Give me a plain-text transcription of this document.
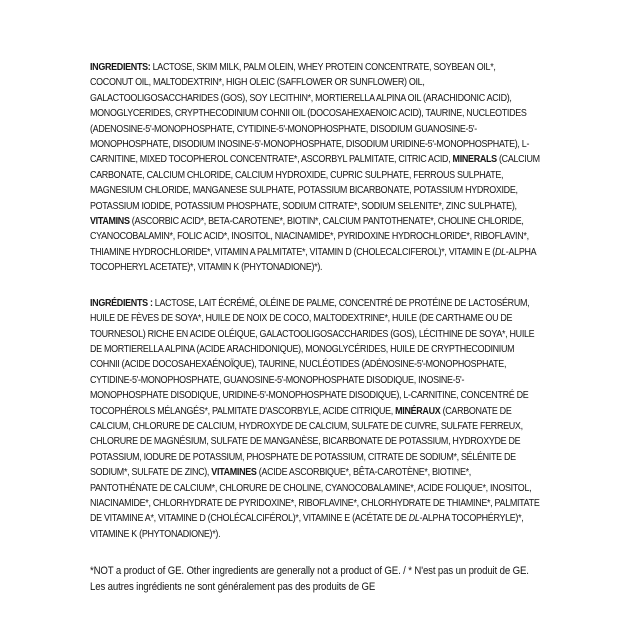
INGREDIENTS: LACTOSE, SKIM MILK, PALM OLEIN, WHEY PROTEIN CONCENTRATE, SOYBEAN OIL*, COCONUT OIL, MALTODEXTRIN*, HIGH OLEIC (SAFFLOWER OR SUNFLOWER) OIL, GALACTOOLIGOSACCHARIDES (GOS), SOY LECITHIN*, MORTIERELLA ALPINA OIL (ARACHIDONIC ACID), MONOGLYCERIDES, CRYPTHECODINIUM COHNII OIL (DOCOSAHEXAENOIC ACID), TAURINE, NUCLEOTIDES (ADENOSINE-5'-MONOPHOSPHATE, CYTIDINE-5'-MONOPHOSPHATE, DISODIUM GUANOSINE-5'-MONOPHOSPHATE, DISODIUM INOSINE-5'-MONOPHOSPHATE, DISODIUM URIDINE-5'-MONOPHOSPHATE), L-CARNITINE, MIXED TOCOPHEROL CONCENTRATE*, ASCORBYL PALMITATE, CITRIC ACID, MINERALS (CALCIUM CARBONATE, CALCIUM CHLORIDE, CALCIUM HYDROXIDE, CUPRIC SULPHATE, FERROUS SULPHATE, MAGNESIUM CHLORIDE, MANGANESE SULPHATE, POTASSIUM BICARBONATE, POTASSIUM HYDROXIDE, POTASSIUM IODIDE, POTASSIUM PHOSPHATE, SODIUM CITRATE*, SODIUM SELENITE*, ZINC SULPHATE), VITAMINS (ASCORBIC ACID*, BETA-CAROTENE*, BIOTIN*, CALCIUM PANTOTHENATE*, CHOLINE CHLORIDE, CYANOCOBALAMIN*, FOLIC ACID*, INOSITOL, NIACINAMIDE*, PYRIDOXINE HYDROCHLORIDE*, RIBOFLAVIN*, THIAMINE HYDROCHLORIDE*, VITAMIN A PALMITATE*, VITAMIN D (CHOLECALCIFEROL)*, VITAMIN E (DL-ALPHA TOCOPHERYL ACETATE)*, VITAMIN K (PHYTONADIONE)*).

INGRÉDIENTS : LACTOSE, LAIT ÉCRÉMÉ, OLÉINE DE PALME, CONCENTRÉ DE PROTÉINE DE LACTOSÉRUM, HUILE DE FÈVES DE SOYA*, HUILE DE NOIX DE COCO, MALTODEXTRINE*, HUILE (DE CARTHAME OU DE TOURNESOL) RICHE EN ACIDE OLÉIQUE, GALACTOOLIGOSACCHARIDES (GOS), LÉCITHINE DE SOYA*, HUILE DE MORTIERELLA ALPINA (ACIDE ARACHIDONIQUE), MONOGLYCÉRIDES, HUILE DE CRYPTHECODINIUM COHNII (ACIDE DOCOSAHEXAÉNOÏQUE), TAURINE, NUCLÉOTIDES (ADÉNOSINE-5'-MONOPHOSPHATE, CYTIDINE-5'-MONOPHOSPHATE, GUANOSINE-5'-MONOPHOSPHATE DISODIQUE, INOSINE-5'-MONOPHOSPHATE DISODIQUE, URIDINE-5'-MONOPHOSPHATE DISODIQUE), L-CARNITINE, CONCENTRÉ DE TOCOPHÉROLS MÉLANGÉS*, PALMITATE D'ASCORBYLE, ACIDE CITRIQUE, MINÉRAUX (CARBONATE DE CALCIUM, CHLORURE DE CALCIUM, HYDROXYDE DE CALCIUM, SULFATE DE CUIVRE, SULFATE FERREUX, CHLORURE DE MAGNÉSIUM, SULFATE DE MANGANÈSE, BICARBONATE DE POTASSIUM, HYDROXYDE DE POTASSIUM, IODURE DE POTASSIUM, PHOSPHATE DE POTASSIUM, CITRATE DE SODIUM*, SÉLÉNITE DE SODIUM*, SULFATE DE ZINC), VITAMINES (ACIDE ASCORBIQUE*, BÊTA-CAROTÈNE*, BIOTINE*, PANTOTHÉNATE DE CALCIUM*, CHLORURE DE CHOLINE, CYANOCOBALAMINE*, ACIDE FOLIQUE*, INOSITOL, NIACINAMIDE*, CHLORHYDRATE DE PYRIDOXINE*, RIBOFLAVINE*, CHLORHYDRATE DE THIAMINE*, PALMITATE DE VITAMINE A*, VITAMINE D (CHOLÉCALCIFÉROL)*, VITAMINE E (ACÉTATE DE DL-ALPHA TOCOPHÉRYLE)*, VITAMINE K (PHYTONADIONE)*).

*NOT a product of GE. Other ingredients are generally not a product of GE. / * N'est pas un produit de GE. Les autres ingrédients ne sont généralement pas des produits de GE
